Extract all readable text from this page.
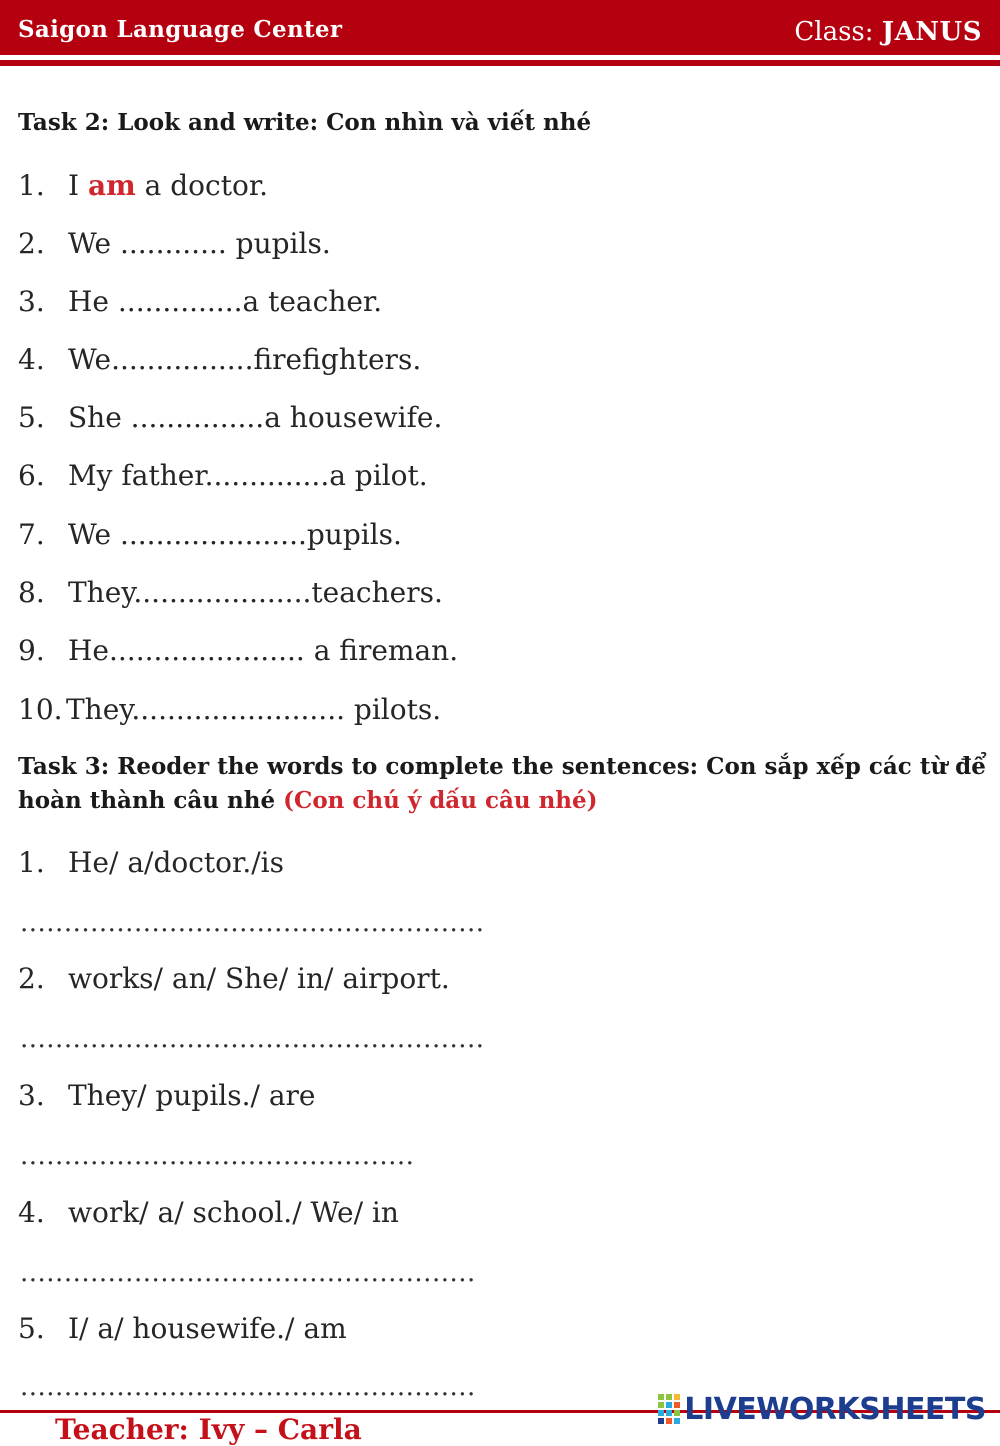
Saigon Language Center	Class: JANUS
Task 2: Look and write: Con nhìn và viết nhé
1. I am a doctor.
2. We ............ pupils.
3. He ..............a teacher.
4. We................firefighters.
5. She ...............a housewife.
6. My father..............a pilot.
7. We .....................pupils.
8. They....................teachers.
9. He...................... a fireman.
10. They........................ pilots.
Task 3: Reoder the words to complete the sentences: Con sắp xếp các từ để hoàn thành câu nhé (Con chú ý dấu câu nhé)
1. He/ a/doctor./is
.....................................................
2. works/ an/ She/ in/ airport.
.....................................................
3. They/ pupils./ are
.............................................
4. work/ a/ school./ We/ in
....................................................
5. I/ a/ housewife./ am
....................................................
Teacher: Ivy – Carla
LIVEWORKSHEETS
